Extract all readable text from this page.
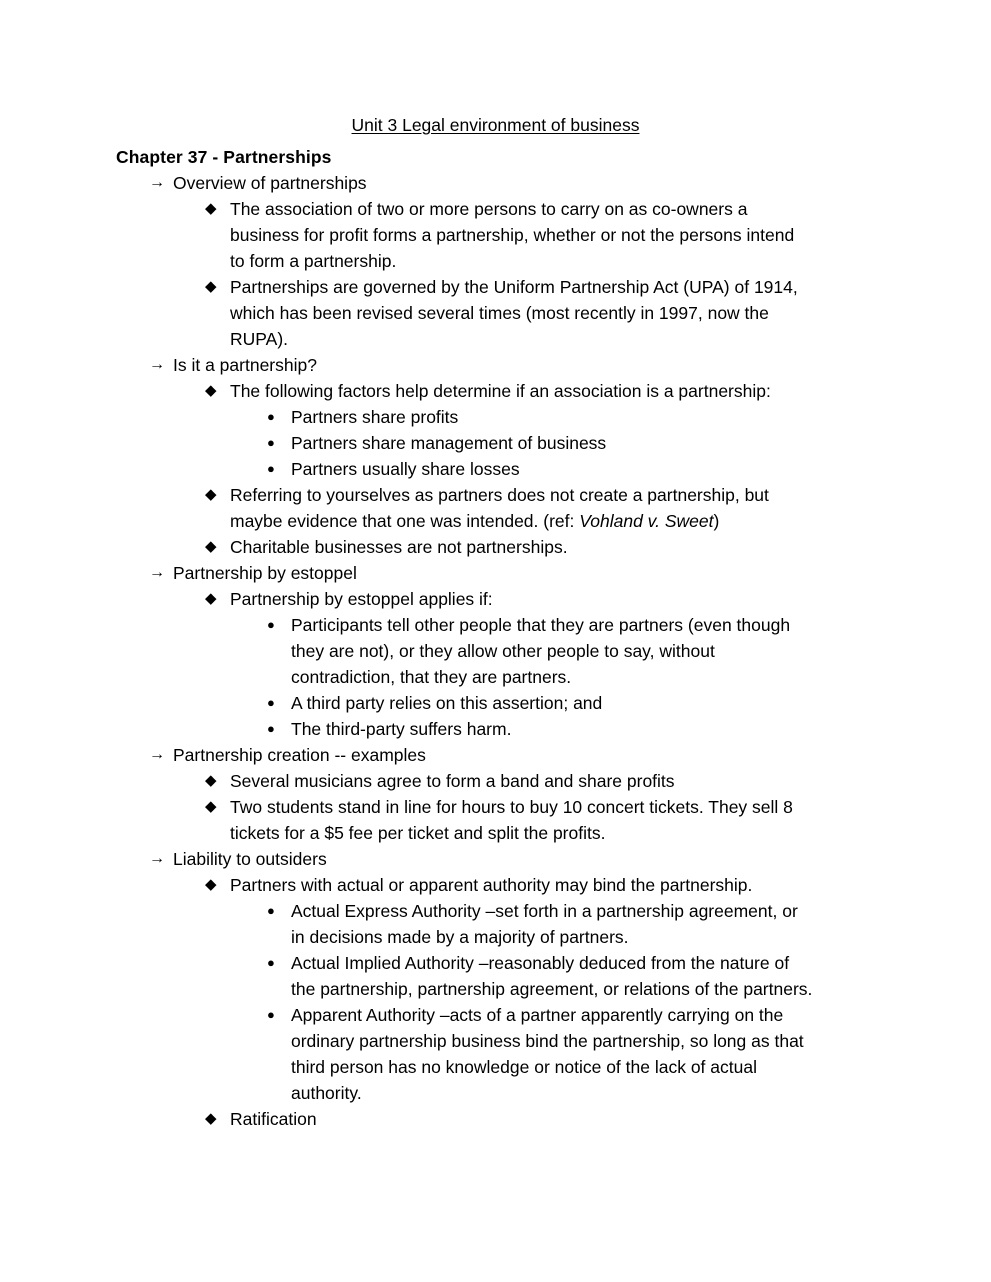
Unit 3 Legal environment of business
Chapter 37 - Partnerships
→ Overview of partnerships
◆ The association of two or more persons to carry on as co-owners a
business for profit forms a partnership, whether or not the persons intend
to form a partnership.
◆ Partnerships are governed by the Uniform Partnership Act (UPA) of 1914,
which has been revised several times (most recently in 1997, now the
RUPA).
→ Is it a partnership?
◆ The following factors help determine if an association is a partnership:
● Partners share profits
● Partners share management of business
● Partners usually share losses
◆ Referring to yourselves as partners does not create a partnership, but
maybe evidence that one was intended. (ref: Vohland v. Sweet)
◆ Charitable businesses are not partnerships.
→ Partnership by estoppel
◆ Partnership by estoppel applies if:
● Participants tell other people that they are partners (even though
they are not), or they allow other people to say, without
contradiction, that they are partners.
● A third party relies on this assertion; and
● The third-party suffers harm.
→ Partnership creation -- examples
◆ Several musicians agree to form a band and share profits
◆ Two students stand in line for hours to buy 10 concert tickets. They sell 8
tickets for a $5 fee per ticket and split the profits.
→ Liability to outsiders
◆ Partners with actual or apparent authority may bind the partnership.
● Actual Express Authority –set forth in a partnership agreement, or
in decisions made by a majority of partners.
● Actual Implied Authority –reasonably deduced from the nature of
the partnership, partnership agreement, or relations of the partners.
● Apparent Authority –acts of a partner apparently carrying on the
ordinary partnership business bind the partnership, so long as that
third person has no knowledge or notice of the lack of actual
authority.
◆ Ratification
